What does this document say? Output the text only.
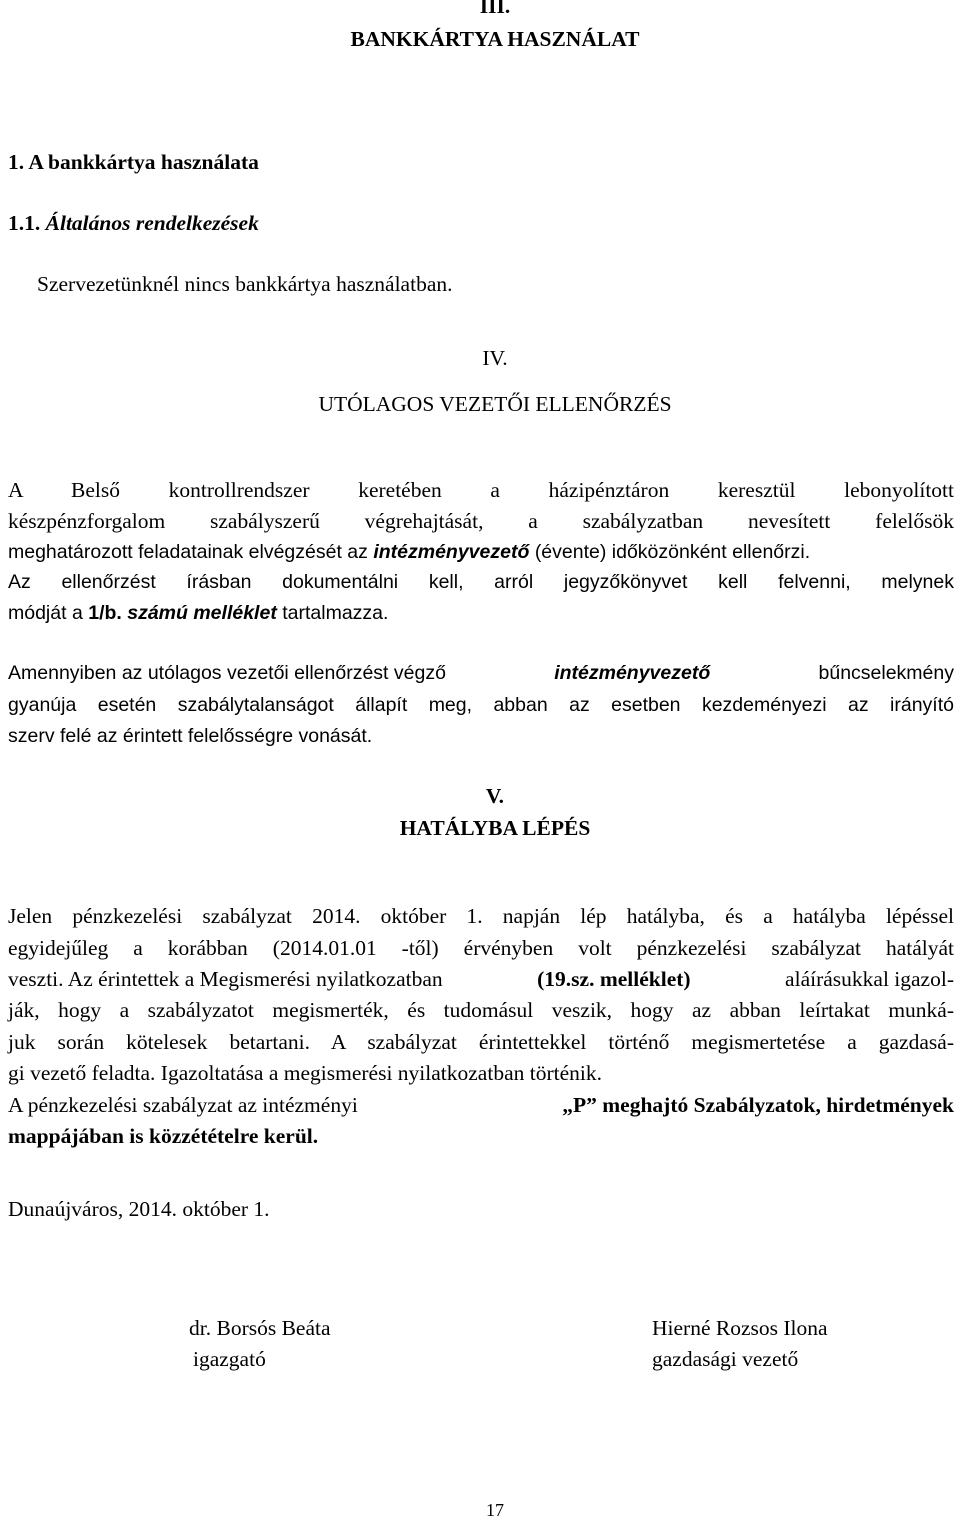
III.
BANKKÁRTYA HASZNÁLAT
1. A bankkártya használata
1.1. Általános rendelkezések
Szervezetünknél nincs bankkártya használatban.
IV.
UTÓLAGOS VEZETŐI ELLENŐRZÉS
A Belső kontrollrendszer keretében a házipénztáron keresztül lebonyolított
készpénzforgalom szabályszerű végrehajtását, a szabályzatban nevesített felelősök
meghatározott feladatainak elvégzését az intézményvezető (évente) időközönként ellenőrzi.
Az ellenőrzést írásban dokumentálni kell, arról jegyzőkönyvet kell felvenni, melynek
módját a 1/b. számú melléklet tartalmazza.
Amennyiben az utólagos vezetői ellenőrzést végző	intézményvezető	bűncselekmény
gyanúja esetén szabálytalanságot állapít meg, abban az esetben kezdeményezi az irányító
szerv felé az érintett felelősségre vonását.
V.
HATÁLYBA LÉPÉS
Jelen pénzkezelési szabályzat 2014. október 1. napján lép hatályba, és a hatályba lépéssel
egyidejűleg a korábban (2014.01.01 -től) érvényben volt pénzkezelési szabályzat hatályát
veszti. Az érintettek a Megismerési nyilatkozatban	(19.sz. melléklet)	aláírásukkal igazol-
ják, hogy a szabályzatot megismerték, és tudomásul veszik, hogy az abban leírtakat munká-
juk során kötelesek betartani. A szabályzat érintettekkel történő megismertetése a gazdasá-
gi vezető feladta. Igazoltatása a megismerési nyilatkozatban történik.
A pénzkezelési szabályzat az intézményi	„P” meghajtó Szabályzatok, hirdetmények
mappájában is közzétételre kerül.
Dunaújváros, 2014. október 1.
dr. Borsós Beáta
igazgató
Hierné Rozsos Ilona
gazdasági vezető
17
